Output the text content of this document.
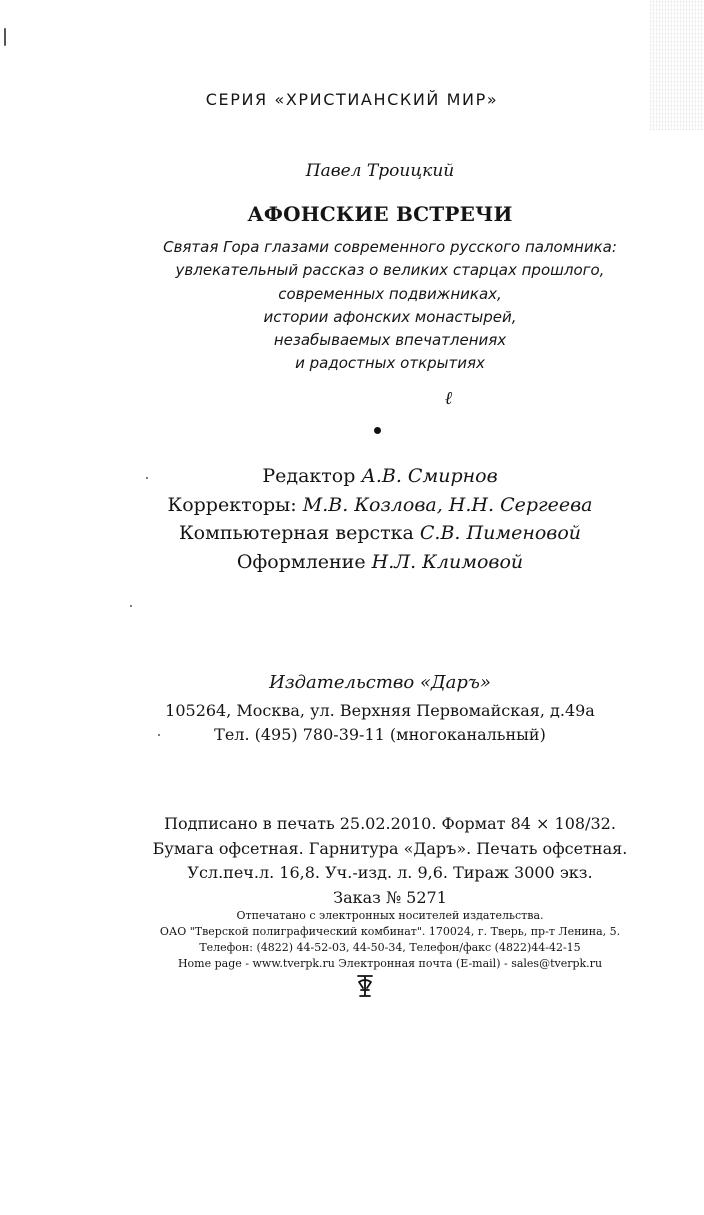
СЕРИЯ «ХРИСТИАНСКИЙ МИР»
Павел Троицкий
АФОНСКИЕ ВСТРЕЧИ
Святая Гора глазами современного русского паломника:
увлекательный рассказ о великих старцах прошлого,
современных подвижниках,
истории афонских монастырей,
незабываемых впечатлениях
и радостных открытиях
ℓ
Редактор А.В. Смирнов
Корректоры: М.В. Козлова, Н.Н. Сергеева
Компьютерная верстка С.В. Пименовой
Оформление Н.Л. Климовой
Издательство «Даръ»
105264, Москва, ул. Верхняя Первомайская, д.49а
Тел. (495) 780-39-11 (многоканальный)
Подписано в печать 25.02.2010. Формат 84 × 108/32.
Бумага офсетная. Гарнитура «Даръ». Печать офсетная.
Усл.печ.л. 16,8. Уч.-изд. л. 9,6. Тираж 3000 экз.
Заказ № 5271
Отпечатано с электронных носителей издательства.
ОАО "Тверской полиграфический комбинат". 170024, г. Тверь, пр-т Ленина, 5.
Телефон: (4822) 44-52-03, 44-50-34, Телефон/факс (4822)44-42-15
Home page - www.tverpk.ru Электронная почта (E-mail) - sales@tverpk.ru
